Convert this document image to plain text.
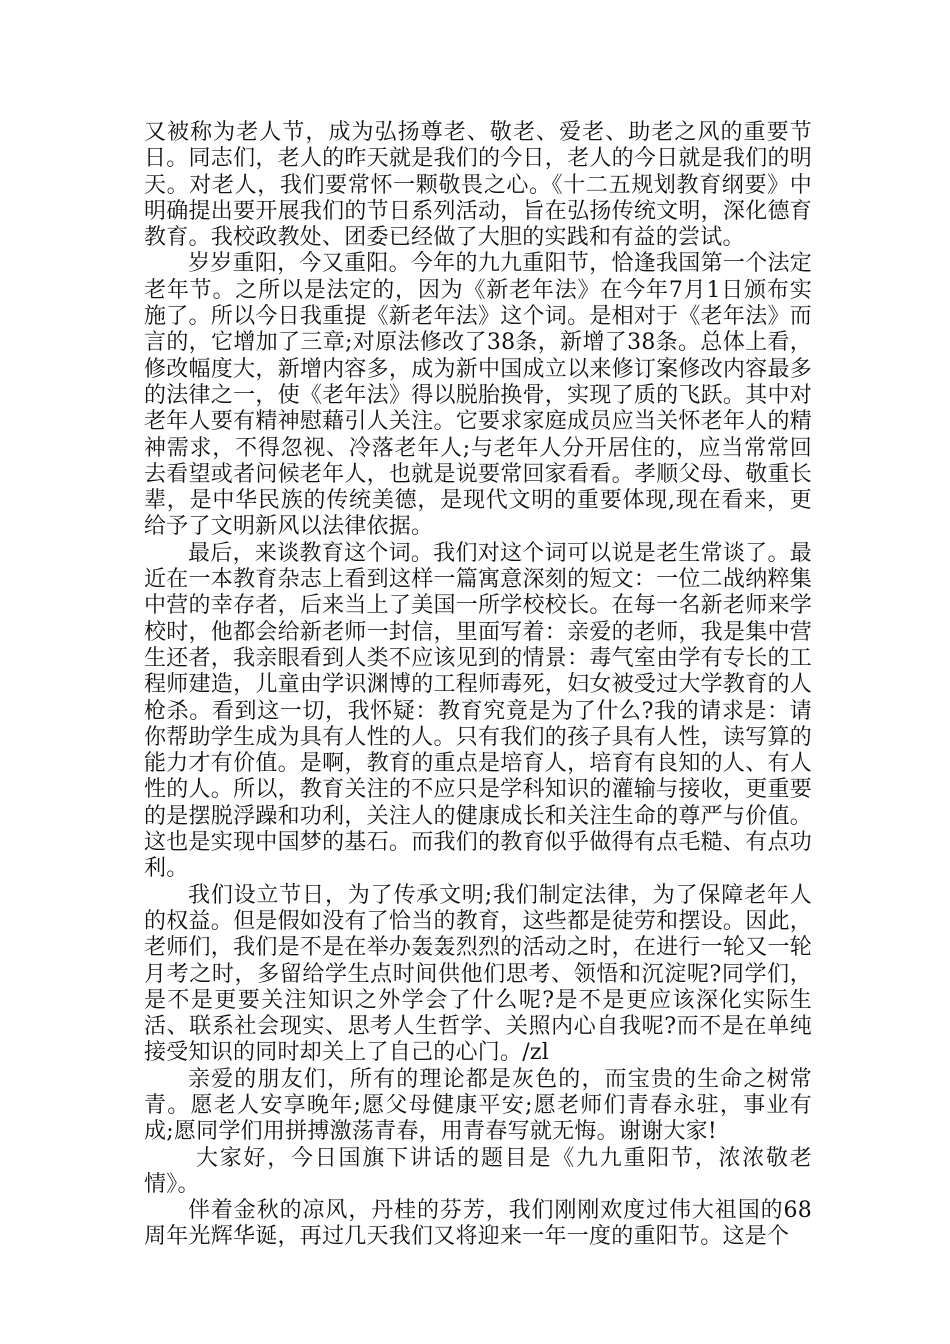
又被称为老人节，成为弘扬尊老、敬老、爱老、助老之风的重要节日。同志们，老人的昨天就是我们的今日，老人的今日就是我们的明天。对老人，我们要常怀一颗敬畏之心。《十二五规划教育纲要》中明确提出要开展我们的节日系列活动，旨在弘扬传统文明，深化德育教育。我校政教处、团委已经做了大胆的实践和有益的尝试。

岁岁重阳，今又重阳。今年的九九重阳节，恰逢我国第一个法定老年节。之所以是法定的，因为《新老年法》在今年7月1日颁布实施了。所以今日我重提《新老年法》这个词。是相对于《老年法》而言的，它增加了三章;对原法修改了38条，新增了38条。总体上看，修改幅度大，新增内容多，成为新中国成立以来修订案修改内容最多的法律之一，使《老年法》得以脱胎换骨，实现了质的飞跃。其中对老年人要有精神慰藉引人关注。它要求家庭成员应当关怀老年人的精神需求，不得忽视、冷落老年人;与老年人分开居住的，应当常常回去看望或者问候老年人，也就是说要常回家看看。孝顺父母、敬重长辈，是中华民族的传统美德，是现代文明的重要体现,现在看来，更给予了文明新风以法律依据。

最后，来谈教育这个词。我们对这个词可以说是老生常谈了。最近在一本教育杂志上看到这样一篇寓意深刻的短文：一位二战纳粹集中营的幸存者，后来当上了美国一所学校校长。在每一名新老师来学校时，他都会给新老师一封信，里面写着：亲爱的老师，我是集中营生还者，我亲眼看到人类不应该见到的情景：毒气室由学有专长的工程师建造，儿童由学识渊博的工程师毒死，妇女被受过大学教育的人枪杀。看到这一切，我怀疑：教育究竟是为了什么?我的请求是：请你帮助学生成为具有人性的人。只有我们的孩子具有人性，读写算的能力才有价值。是啊，教育的重点是培育人，培育有良知的人、有人性的人。所以，教育关注的不应只是学科知识的灌输与接收，更重要的是摆脱浮躁和功利，关注人的健康成长和关注生命的尊严与价值。这也是实现中国梦的基石。而我们的教育似乎做得有点毛糙、有点功利。

我们设立节日，为了传承文明;我们制定法律，为了保障老年人的权益。但是假如没有了恰当的教育，这些都是徒劳和摆设。因此，老师们，我们是不是在举办轰轰烈烈的活动之时，在进行一轮又一轮月考之时，多留给学生点时间供他们思考、领悟和沉淀呢?同学们，是不是更要关注知识之外学会了什么呢?是不是更应该深化实际生活、联系社会现实、思考人生哲学、关照内心自我呢?而不是在单纯接受知识的同时却关上了自己的心门。/zl

亲爱的朋友们，所有的理论都是灰色的，而宝贵的生命之树常青。愿老人安享晚年;愿父母健康平安;愿老师们青春永驻，事业有成;愿同学们用拼搏激荡青春，用青春写就无悔。谢谢大家!

大家好，今日国旗下讲话的题目是《九九重阳节，浓浓敬老情》。

伴着金秋的凉风，丹桂的芬芳，我们刚刚欢度过伟大祖国的68周年光辉华诞，再过几天我们又将迎来一年一度的重阳节。这是个
